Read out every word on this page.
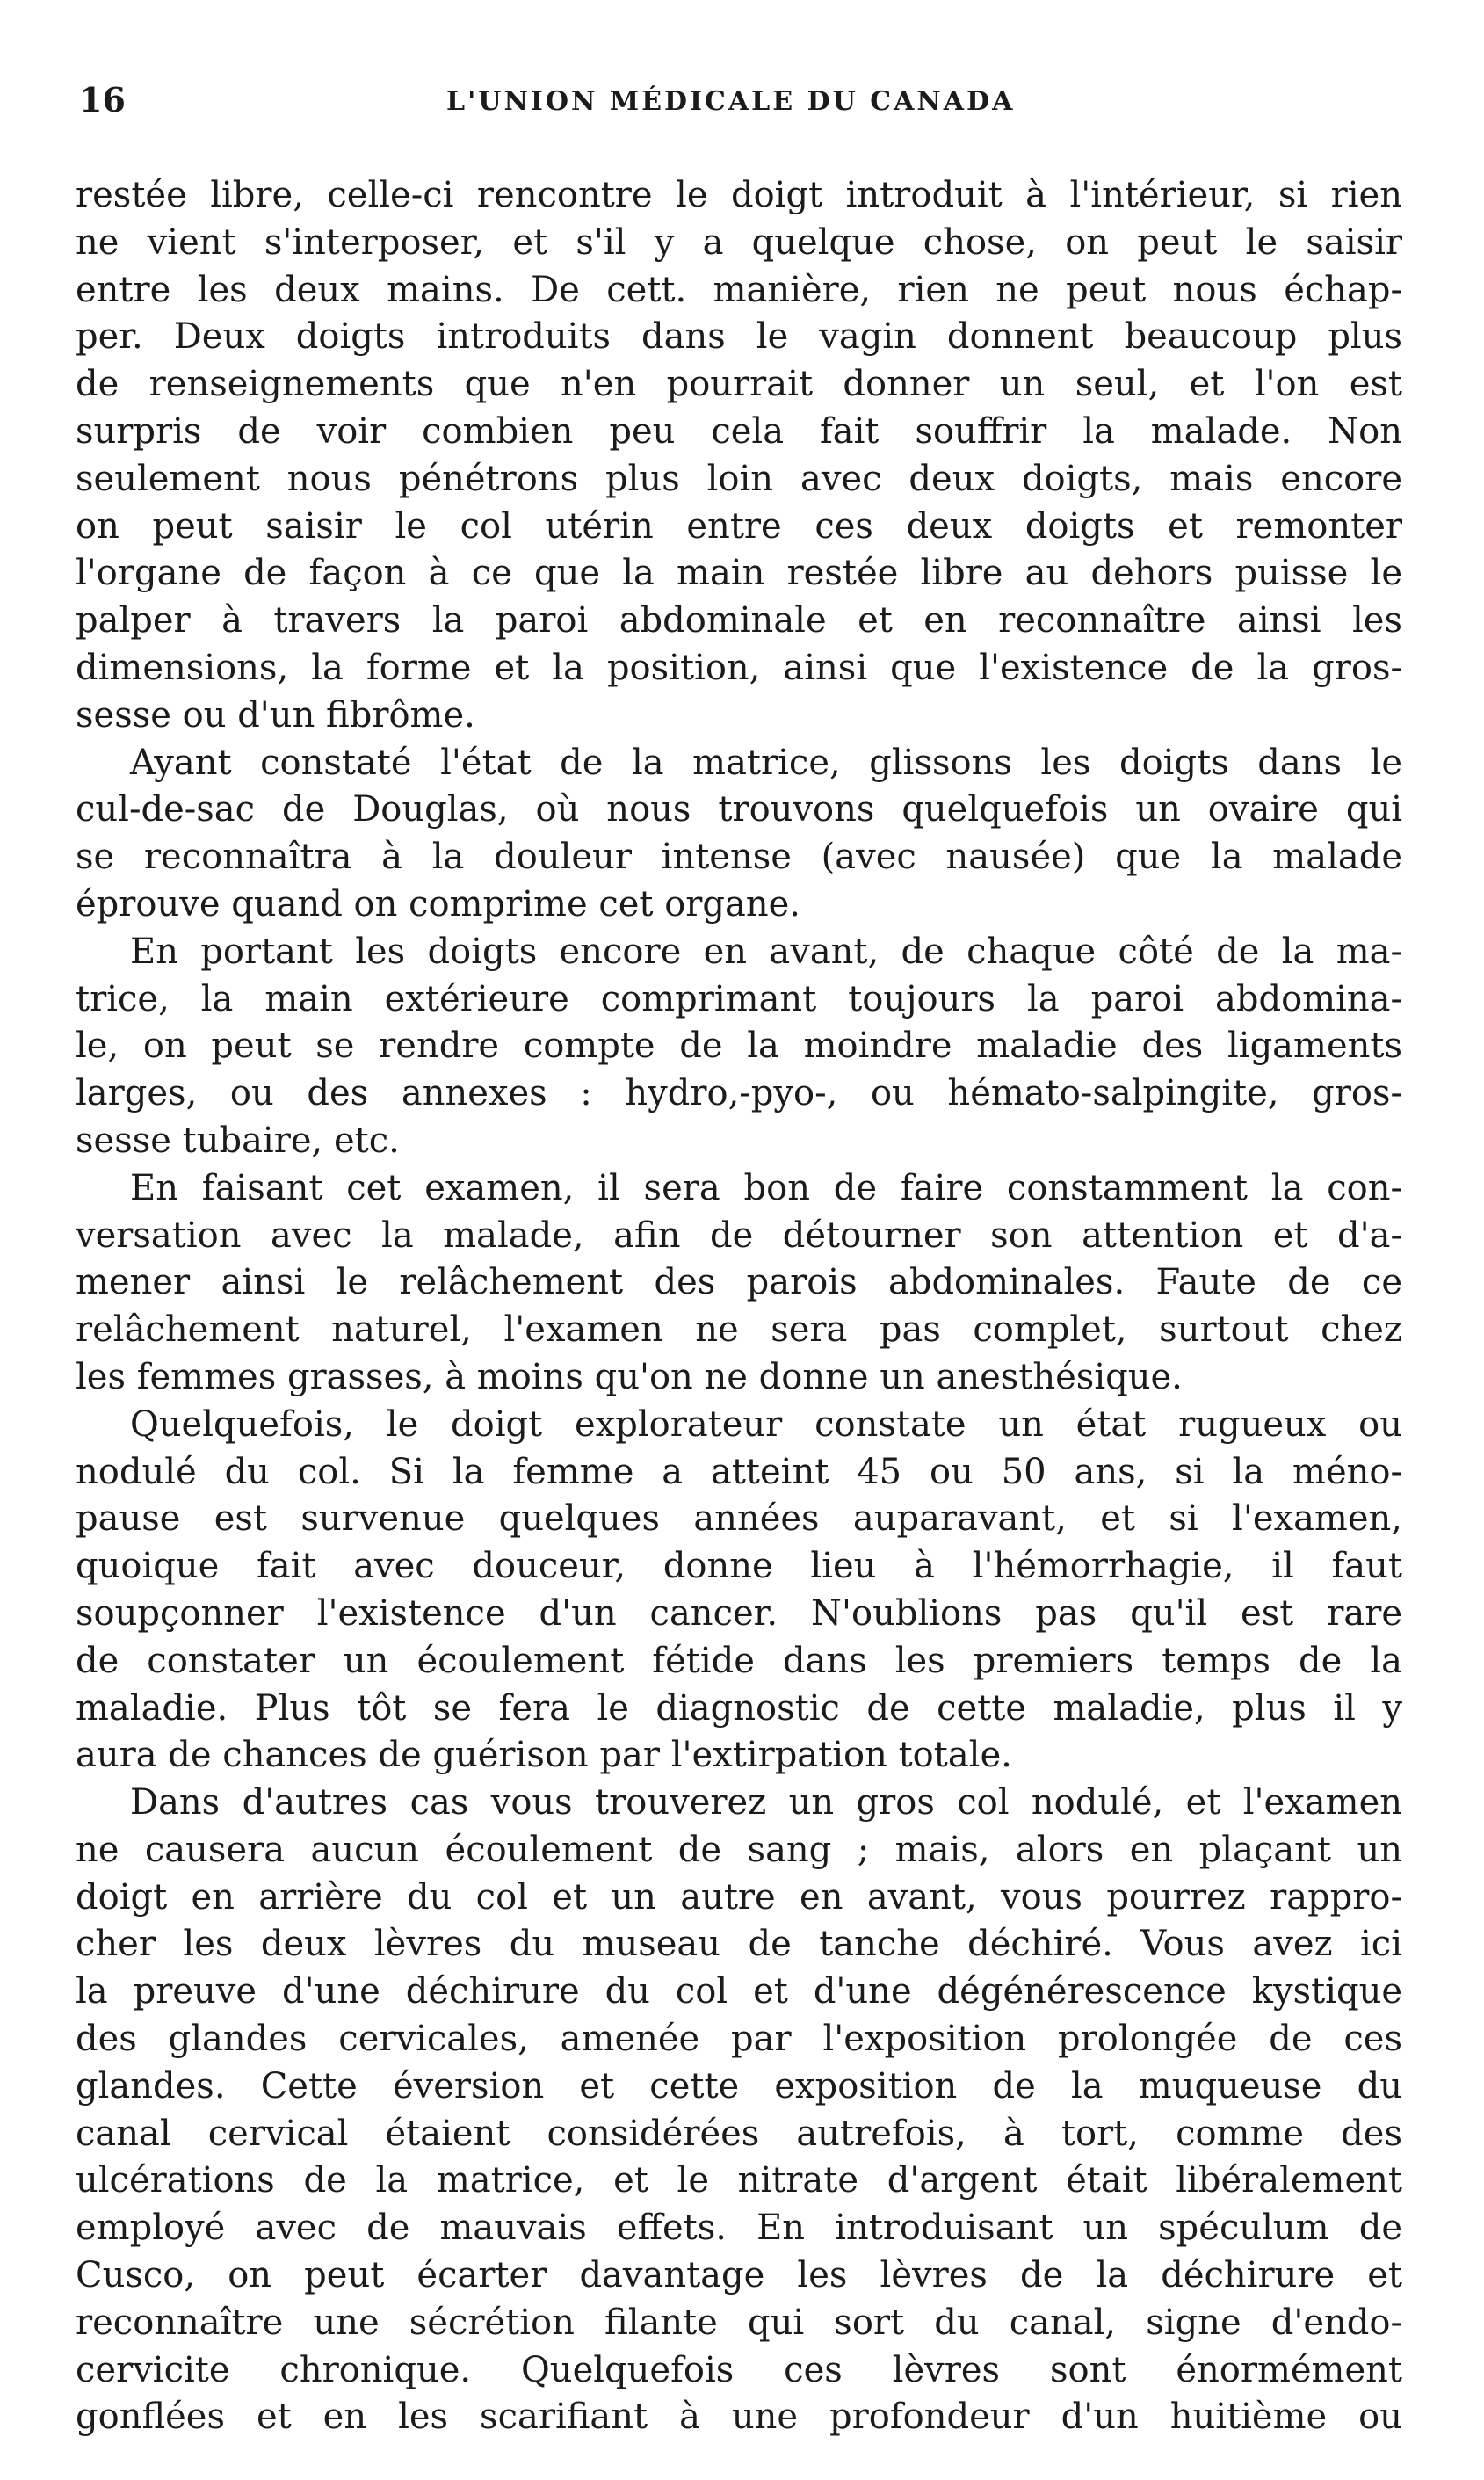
16	L'UNION MÉDICALE DU CANADA

restée libre, celle-ci rencontre le doigt introduit à l'intérieur, si rien
ne vient s'interposer, et s'il y a quelque chose, on peut le saisir
entre les deux mains. De cett. manière, rien ne peut nous échap-
per. Deux doigts introduits dans le vagin donnent beaucoup plus
de renseignements que n'en pourrait donner un seul, et l'on est
surpris de voir combien peu cela fait souffrir la malade. Non
seulement nous pénétrons plus loin avec deux doigts, mais encore
on peut saisir le col utérin entre ces deux doigts et remonter
l'organe de façon à ce que la main restée libre au dehors puisse le
palper à travers la paroi abdominale et en reconnaître ainsi les
dimensions, la forme et la position, ainsi que l'existence de la gros-
sesse ou d'un fibrôme.

Ayant constaté l'état de la matrice, glissons les doigts dans le
cul-de-sac de Douglas, où nous trouvons quelquefois un ovaire qui
se reconnaîtra à la douleur intense (avec nausée) que la malade
éprouve quand on comprime cet organe.

En portant les doigts encore en avant, de chaque côté de la ma-
trice, la main extérieure comprimant toujours la paroi abdomina-
le, on peut se rendre compte de la moindre maladie des ligaments
larges, ou des annexes : hydro,-pyo-, ou hémato-salpingite, gros-
sesse tubaire, etc.

En faisant cet examen, il sera bon de faire constamment la con-
versation avec la malade, afin de détourner son attention et d'a-
mener ainsi le relâchement des parois abdominales. Faute de ce
relâchement naturel, l'examen ne sera pas complet, surtout chez
les femmes grasses, à moins qu'on ne donne un anesthésique.

Quelquefois, le doigt explorateur constate un état rugueux ou
nodulé du col. Si la femme a atteint 45 ou 50 ans, si la méno-
pause est survenue quelques années auparavant, et si l'examen,
quoique fait avec douceur, donne lieu à l'hémorrhagie, il faut
soupçonner l'existence d'un cancer. N'oublions pas qu'il est rare
de constater un écoulement fétide dans les premiers temps de la
maladie. Plus tôt se fera le diagnostic de cette maladie, plus il y
aura de chances de guérison par l'extirpation totale.

Dans d'autres cas vous trouverez un gros col nodulé, et l'examen
ne causera aucun écoulement de sang ; mais, alors en plaçant un
doigt en arrière du col et un autre en avant, vous pourrez rappro-
cher les deux lèvres du museau de tanche déchiré. Vous avez ici
la preuve d'une déchirure du col et d'une dégénérescence kystique
des glandes cervicales, amenée par l'exposition prolongée de ces
glandes. Cette éversion et cette exposition de la muqueuse du
canal cervical étaient considérées autrefois, à tort, comme des
ulcérations de la matrice, et le nitrate d'argent était libéralement
employé avec de mauvais effets. En introduisant un spéculum de
Cusco, on peut écarter davantage les lèvres de la déchirure et
reconnaître une sécrétion filante qui sort du canal, signe d'endo-
cervicite chronique. Quelquefois ces lèvres sont énormément
gonflées et en les scarifiant à une profondeur d'un huitième ou
